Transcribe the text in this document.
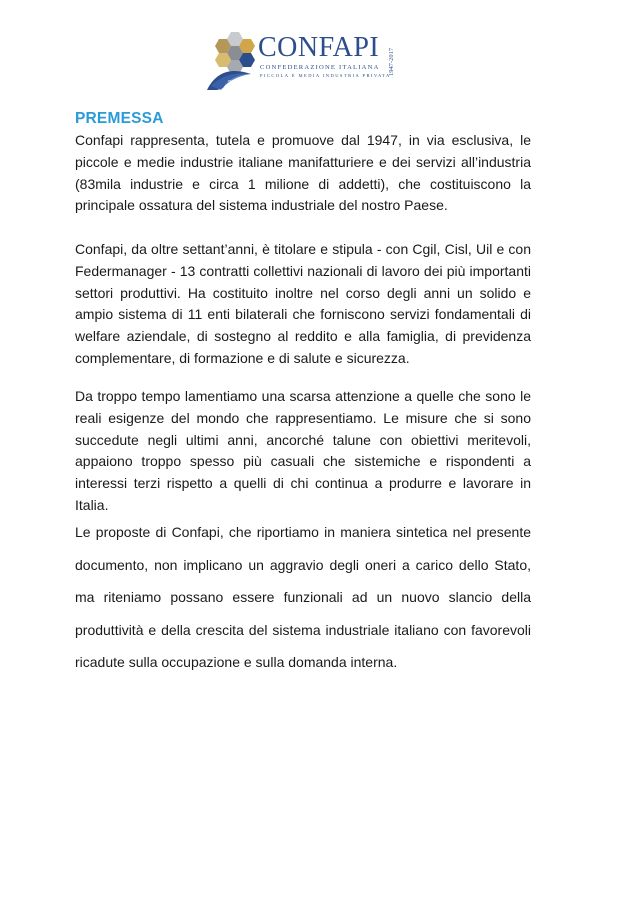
CONFAPI
CONFEDERAZIONE ITALIANA
PICCOLA E MEDIA INDUSTRIA PRIVATA
1947-2017
70°
PREMESSA

Confapi rappresenta, tutela e promuove dal 1947, in via esclusiva, le piccole e medie industrie italiane manifatturiere e dei servizi all’industria (83mila industrie e circa 1 milione di addetti), che costituiscono la principale ossatura del sistema industriale del nostro Paese.

Confapi, da oltre settant’anni, è titolare e stipula - con Cgil, Cisl, Uil e con Federmanager - 13 contratti collettivi nazionali di lavoro dei più importanti settori produttivi. Ha costituito inoltre nel corso degli anni un solido e ampio sistema di 11 enti bilaterali che forniscono servizi fondamentali di welfare aziendale, di sostegno al reddito e alla famiglia, di previdenza complementare, di formazione e di salute e sicurezza.

Da troppo tempo lamentiamo una scarsa attenzione a quelle che sono le reali esigenze del mondo che rappresentiamo. Le misure che si sono succedute negli ultimi anni, ancorché talune con obiettivi meritevoli, appaiono troppo spesso più casuali che sistemiche e rispondenti a interessi terzi rispetto a quelli di chi continua a produrre e lavorare in Italia.

Le proposte di Confapi, che riportiamo in maniera sintetica nel presente documento, non implicano un aggravio degli oneri a carico dello Stato, ma riteniamo possano essere funzionali ad un nuovo slancio della produttività e della crescita del sistema industriale italiano con favorevoli ricadute sulla occupazione e sulla domanda interna.
